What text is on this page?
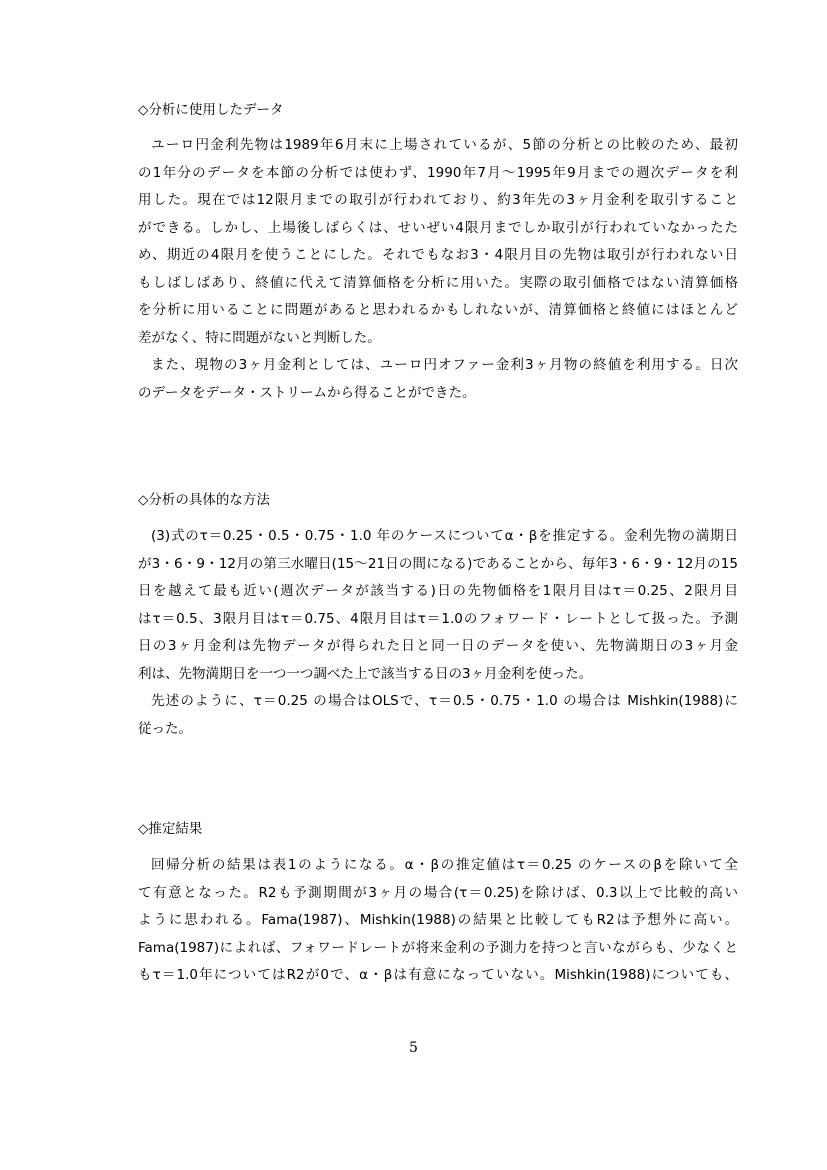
◇分析に使用したデータ
ユーロ円金利先物は1989年6月末に上場されているが、5節の分析との比較のため、最初
の1年分のデータを本節の分析では使わず、1990年7月～1995年9月までの週次データを利
用した。現在では12限月までの取引が行われており、約3年先の3ヶ月金利を取引すること
ができる。しかし、上場後しばらくは、せいぜい4限月までしか取引が行われていなかったた
め、期近の4限月を使うことにした。それでもなお3・4限月目の先物は取引が行われない日
もしばしばあり、終値に代えて清算価格を分析に用いた。実際の取引価格ではない清算価格
を分析に用いることに問題があると思われるかもしれないが、清算価格と終値にはほとんど
差がなく、特に問題がないと判断した。
また、現物の3ヶ月金利としては、ユーロ円オファー金利3ヶ月物の終値を利用する。日次
のデータをデータ・ストリームから得ることができた。
◇分析の具体的な方法
(3)式のτ＝0.25・0.5・0.75・1.0 年のケースについてα・βを推定する。金利先物の満期日
が3・6・9・12月の第三水曜日(15～21日の間になる)であることから、毎年3・6・9・12月の15
日を越えて最も近い(週次データが該当する)日の先物価格を1限月目はτ＝0.25、2限月目
はτ＝0.5、3限月目はτ＝0.75、4限月目はτ＝1.0のフォワード・レートとして扱った。予測
日の3ヶ月金利は先物データが得られた日と同一日のデータを使い、先物満期日の3ヶ月金
利は、先物満期日を一つ一つ調べた上で該当する日の3ヶ月金利を使った。
先述のように、τ＝0.25 の場合はOLSで、τ＝0.5・0.75・1.0 の場合は Mishkin(1988)に
従った。
◇推定結果
回帰分析の結果は表1のようになる。α・βの推定値はτ＝0.25 のケースのβを除いて全
て有意となった。R2も予測期間が3ヶ月の場合(τ＝0.25)を除けば、0.3以上で比較的高い
ように思われる。Fama(1987)、Mishkin(1988)の結果と比較してもR2は予想外に高い。
Fama(1987)によれば、フォワードレートが将来金利の予測力を持つと言いながらも、少なくと
もτ＝1.0年についてはR2が0で、α・βは有意になっていない。Mishkin(1988)についても、
5
